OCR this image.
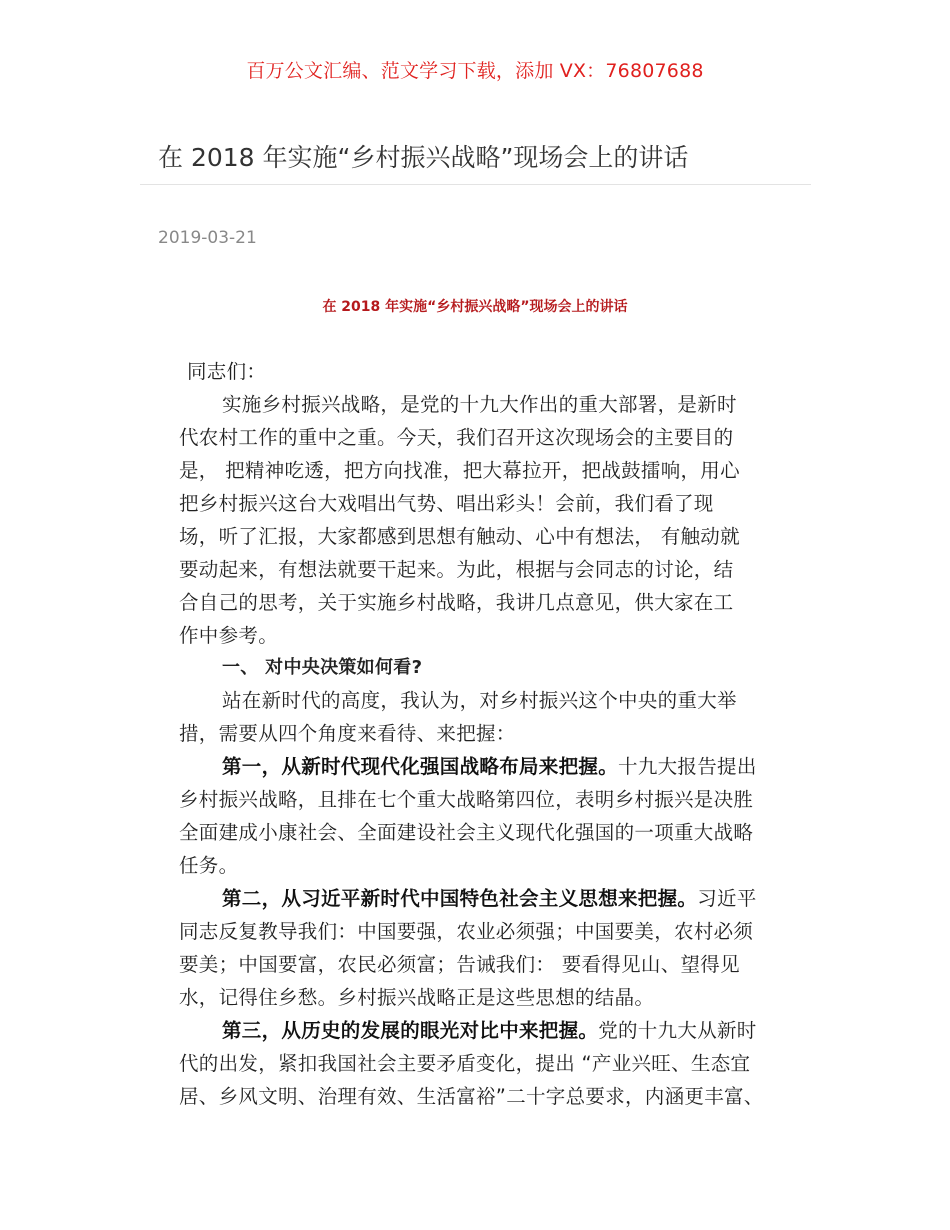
百万公文汇编、范文学习下载，添加 VX：76807688
在 2018 年实施“乡村振兴战略”现场会上的讲话
2019-03-21
在 2018 年实施“乡村振兴战略”现场会上的讲话
同志们：
实施乡村振兴战略，是党的十九大作出的重大部署，是新时
代农村工作的重中之重。今天，我们召开这次现场会的主要目的
是， 把精神吃透，把方向找准，把大幕拉开，把战鼓擂响，用心
把乡村振兴这台大戏唱出气势、唱出彩头！会前，我们看了现
场，听了汇报，大家都感到思想有触动、心中有想法， 有触动就
要动起来，有想法就要干起来。为此，根据与会同志的讨论，结
合自己的思考，关于实施乡村战略，我讲几点意见，供大家在工
作中参考。
一、 对中央决策如何看?
站在新时代的高度，我认为，对乡村振兴这个中央的重大举
措，需要从四个角度来看待、来把握：
第一，从新时代现代化强国战略布局来把握。十九大报告提出
乡村振兴战略，且排在七个重大战略第四位，表明乡村振兴是决胜
全面建成小康社会、全面建设社会主义现代化强国的一项重大战略
任务。
第二，从习近平新时代中国特色社会主义思想来把握。习近平
同志反复教导我们：中国要强，农业必须强；中国要美，农村必须
要美；中国要富，农民必须富；告诫我们： 要看得见山、望得见
水，记得住乡愁。乡村振兴战略正是这些思想的结晶。
第三，从历史的发展的眼光对比中来把握。党的十九大从新时
代的出发，紧扣我国社会主要矛盾变化，提出 “产业兴旺、生态宜
居、乡风文明、治理有效、生活富裕”二十字总要求，内涵更丰富、
